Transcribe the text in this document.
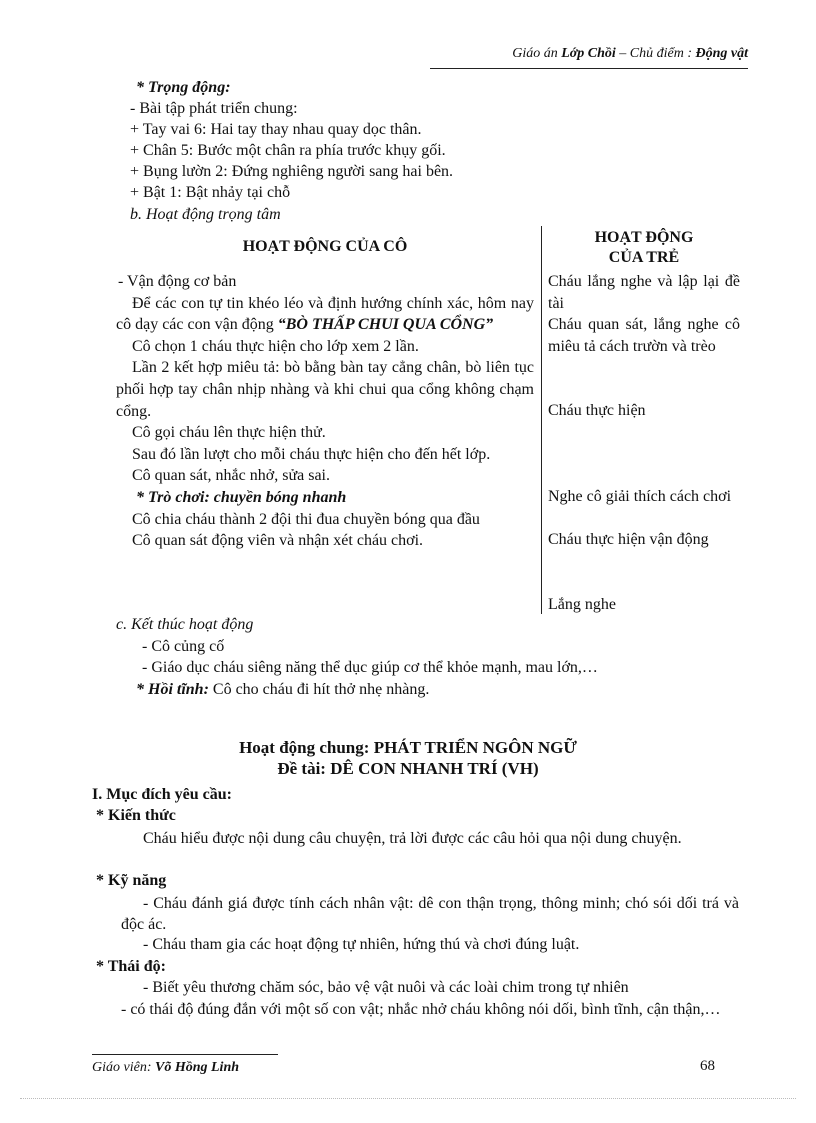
Giáo án Lớp Chồi – Chủ điểm : Động vật
* Trọng động:
- Bài tập phát triển chung:
+ Tay vai 6: Hai tay thay nhau quay dọc thân.
+ Chân 5: Bước một chân ra phía trước khụy gối.
+ Bụng lườn 2: Đứng nghiêng người sang hai bên.
+ Bật 1: Bật nhảy tại chỗ
b. Hoạt động trọng tâm
HOẠT ĐỘNG CỦA CÔ
HOẠT ĐỘNG
CỦA TRẺ

- Vận động cơ bản

Để các con tự tin khéo léo và định hướng chính xác, hôm nay cô dạy các con vận động “BÒ THẤP CHUI QUA CỔNG”

Cô chọn 1 cháu thực hiện cho lớp xem 2 lần.

Lần 2 kết hợp miêu tả: bò bằng bàn tay cẳng chân, bò liên tục phối hợp tay chân nhịp nhàng và khi chui qua cổng không chạm cổng.

Cô gọi cháu lên thực hiện thử.

Sau đó lần lượt cho mỗi cháu thực hiện cho đến hết lớp.

Cô quan sát, nhắc nhở, sửa sai.

* Trò chơi: chuyền bóng nhanh

Cô chia cháu thành 2 đội thi đua chuyền bóng qua đầu

Cô quan sát động viên và nhận xét cháu chơi.

Cháu lắng nghe và lập lại đề tài
Cháu quan sát, lắng nghe cô miêu tả cách trườn và trèo
Cháu thực hiện
Nghe cô giải thích cách chơi
Cháu thực hiện vận động
Lắng nghe
c. Kết thúc hoạt động
- Cô củng cố
- Giáo dục cháu siêng năng thể dục giúp cơ thể khỏe mạnh, mau lớn,…
* Hồi tĩnh: Cô cho cháu đi hít thở nhẹ nhàng.
Hoạt động chung: PHÁT TRIỂN NGÔN NGỮ
Đề tài: DÊ CON NHANH TRÍ (VH)
I. Mục đích yêu cầu:
* Kiến thức
Cháu hiểu được nội dung câu chuyện, trả lời được các câu hỏi qua nội dung chuyện.
* Kỹ năng
- Cháu đánh giá được tính cách nhân vật: dê con thận trọng, thông minh; chó sói dối trá và độc ác.
- Cháu tham gia các hoạt động tự nhiên, hứng thú và chơi đúng luật.
* Thái độ:
- Biết yêu thương chăm sóc, bảo vệ vật nuôi và các loài chim trong tự nhiên
- có thái độ đúng đắn với một số con vật; nhắc nhở cháu không nói dối, bình tĩnh, cận thận,…
Giáo viên: Võ Hồng Linh	68
